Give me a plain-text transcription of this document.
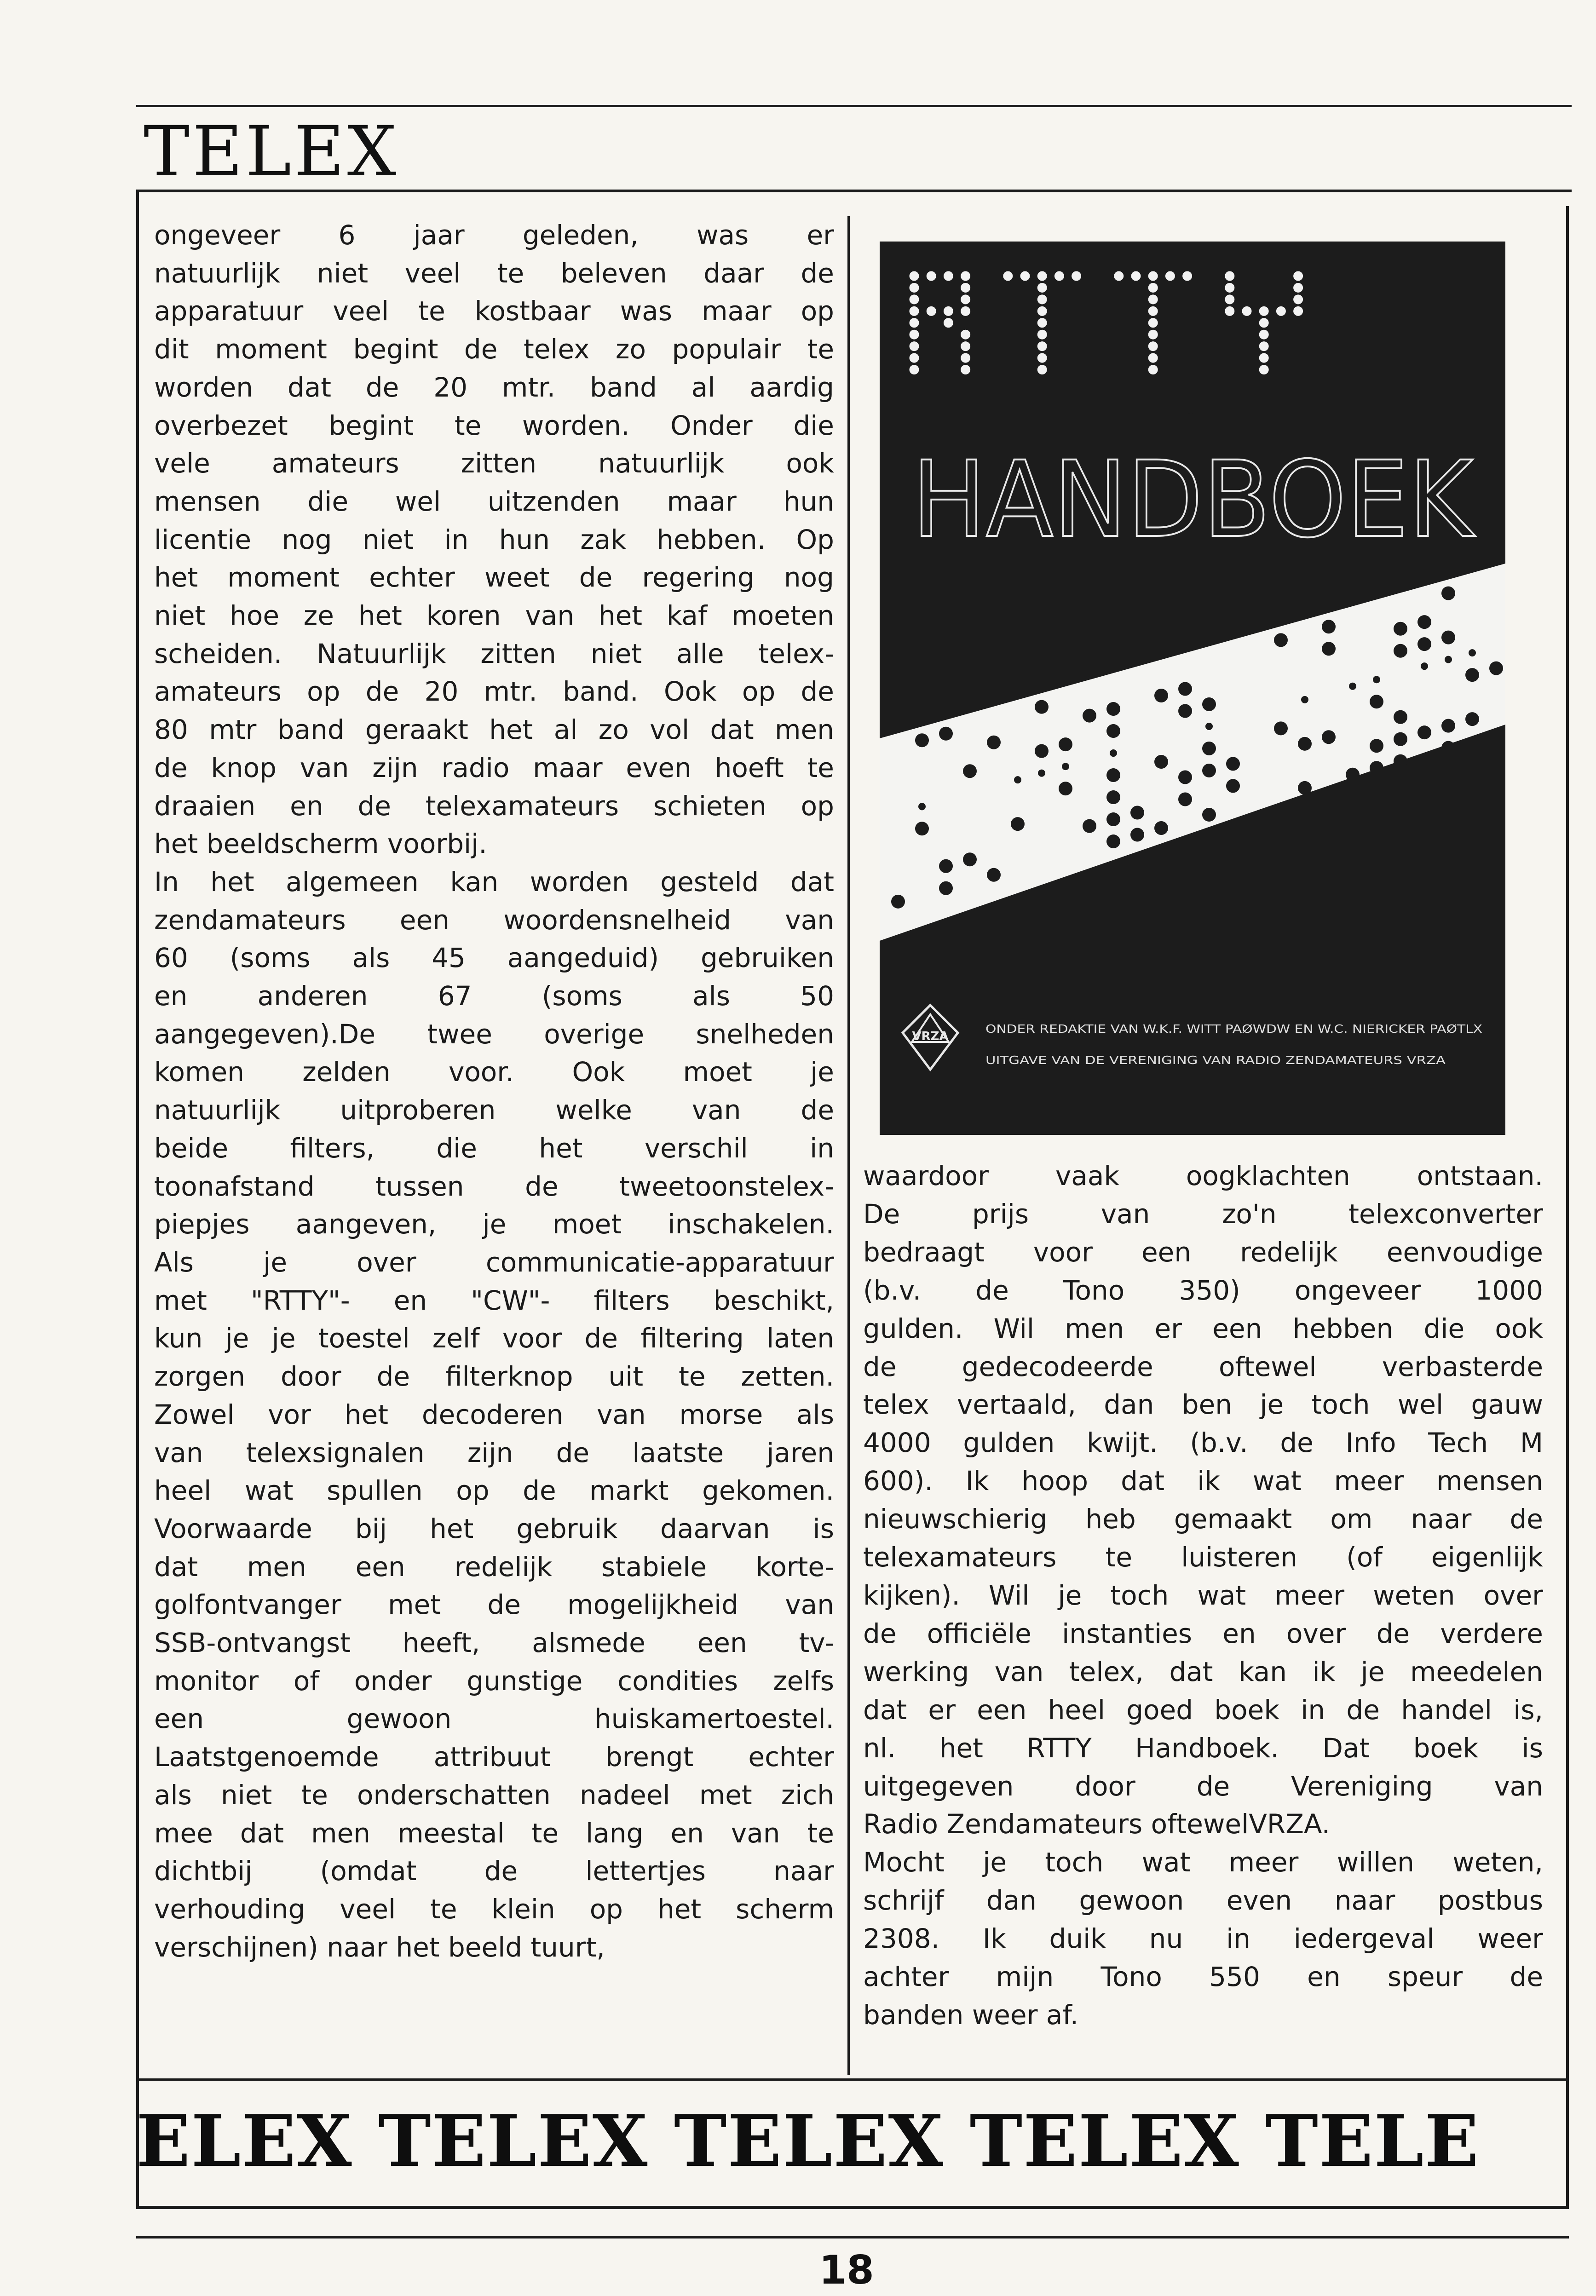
TELEX
ongeveer 6 jaar geleden, was er
natuurlijk niet veel te beleven daar de
apparatuur veel te kostbaar was maar op
dit moment begint de telex zo populair te
worden dat de 20 mtr. band al aardig
overbezet begint te worden. Onder die
vele amateurs zitten natuurlijk ook
mensen die wel uitzenden maar hun
licentie nog niet in hun zak hebben. Op
het moment echter weet de regering nog
niet hoe ze het koren van het kaf moeten
scheiden. Natuurlijk zitten niet alle telex-
amateurs op de 20 mtr. band. Ook op de
80 mtr band geraakt het al zo vol dat men
de knop van zijn radio maar even hoeft te
draaien en de telexamateurs schieten op
het beeldscherm voorbij.
In het algemeen kan worden gesteld dat
zendamateurs een woordensnelheid van
60 (soms als 45 aangeduid) gebruiken
en anderen 67 (soms als 50
aangegeven).De twee overige snelheden
komen zelden voor. Ook moet je
natuurlijk uitproberen welke van de
beide filters, die het verschil in
toonafstand tussen de tweetoonstelex-
piepjes aangeven, je moet inschakelen.
Als je over communicatie-apparatuur
met "RTTY"- en "CW"- filters beschikt,
kun je je toestel zelf voor de filtering laten
zorgen door de filterknop uit te zetten.
Zowel vor het decoderen van morse als
van telexsignalen zijn de laatste jaren
heel wat spullen op de markt gekomen.
Voorwaarde bij het gebruik daarvan is
dat men een redelijk stabiele korte-
golfontvanger met de mogelijkheid van
SSB-ontvangst heeft, alsmede een tv-
monitor of onder gunstige condities zelfs
een gewoon huiskamertoestel.
Laatstgenoemde attribuut brengt echter
als niet te onderschatten nadeel met zich
mee dat men meestal te lang en van te
dichtbij (omdat de lettertjes naar
verhouding veel te klein op het scherm
verschijnen) naar het beeld tuurt,
waardoor vaak oogklachten ontstaan.
De prijs van zo'n telexconverter
bedraagt voor een redelijk eenvoudige
(b.v. de Tono 350) ongeveer 1000
gulden. Wil men er een hebben die ook
de gedecodeerde oftewel verbasterde
telex vertaald, dan ben je toch wel gauw
4000 gulden kwijt. (b.v. de Info Tech M
600). Ik hoop dat ik wat meer mensen
nieuwschierig heb gemaakt om naar de
telexamateurs te luisteren (of eigenlijk
kijken). Wil je toch wat meer weten over
de officiële instanties en over de verdere
werking van telex, dat kan ik je meedelen
dat er een heel goed boek in de handel is,
nl. het RTTY Handboek. Dat boek is
uitgegeven door de Vereniging van
Radio Zendamateurs oftewelVRZA.
Mocht je toch wat meer willen weten,
schrijf dan gewoon even naar postbus
2308. Ik duik nu in iedergeval weer
achter mijn Tono 550 en speur de
banden weer af.
RTTY
HANDBOEK
VRZA
ONDER REDAKTIE VAN W.K.F. WITT PAØWDW EN W.C. NIERICKER PAØTLX
UITGAVE VAN DE VERENIGING VAN RADIO ZENDAMATEURS VRZA
ELEX TELEX TELEX TELEX TELE
18
